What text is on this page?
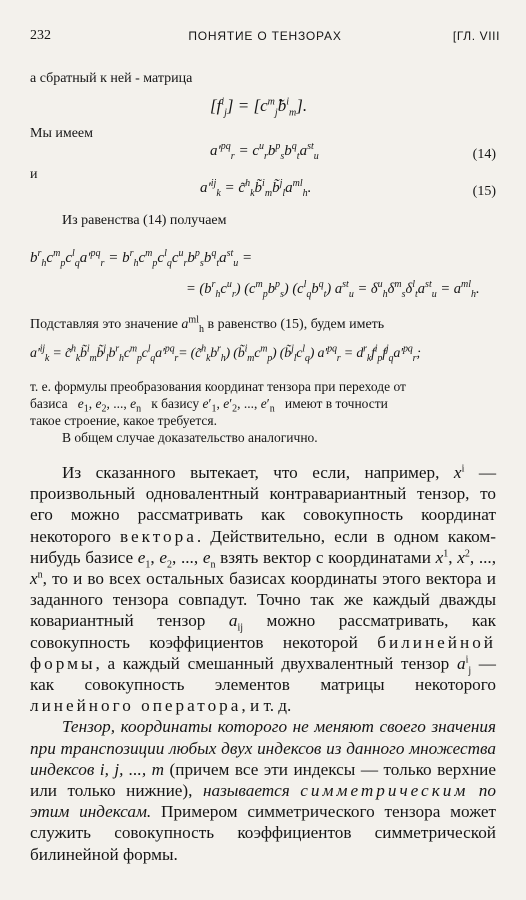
232	ПОНЯТИЕ О ТЕНЗОРАХ	[ГЛ. VIII
а сбратный к ней - матрица
$[f^i_j] = [c^m_jb^i_m]$.
Мы имеем
$a'^{pq}_r = c^u_rb^p_sb^q_ta^{st}_u$	(14)
и
$a'^{ij}_k$ = $c̃^h_kb̃^i_mb̃^j_la^{ml}_h$.	(15)
Из равенства (14) получаем
$b^r_hc^m_pc^l_qa'^{pq}_r = b^r_hc^m_pc^l_qc^u_rb^p_sb^q_ta^{st}_u$ =
= $(b^r_hc^u_r)$ $(c^m_pb^p_s)$ $(c^l_qb^q_t) a^{st}_u = \delta^u_h\delta^m_s\delta^l_ta^{st}_u = a^{ml}_h$.
Подставляя это значение $a^{ml}_h$ в равенство (15), будем иметь
$a'^{ij}_k$ = $c̃^h_kb̃^i_mb̃^j_lb^r_hc^m_pc^l_qa'^{pq}_r=$ $(c̃^h_kb^r_h)$ $(b̃^i_mc^m_p)$ $(b̃^j_lc^l_q) a'^{pq}_r = d^r_kf^i_pf^j_qa'^{pq}_r$;
т. е. формулы преобразования координат тензора при переходе от
базиса   $e_1$, $e_2$, ..., $e_n$   к базису $e'_1$, $e'_2$, ..., $e'_n$   имеют в точности
такое строение, какое требуется.
В общем случае доказательство аналогично.

Из сказанного вытекает, что если, например, $x^i$ — произвольный одновалентный контравариантный тензор, то его можно рассматривать как совокупность координат некоторого вектора. Действительно, если в одном каком-нибудь базисе $e_1$, $e_2$, ..., $e_n$ взять вектор с координатами $x^1$, $x^2$, ..., $x^n$, то и во всех остальных базисах координаты этого вектора и заданного тензора совпадут. Точно так же каждый дважды ковариантный тензор $a_{ij}$ можно рассматривать, как совокупность коэффициентов некоторой билинейной формы, а каждый смешанный двухвалентный тензор $a^i_j$ — как совокупность элементов матрицы некоторого линейного оператора, и т. д.

Тензор, координаты которого не меняют своего значения при транспозиции любых двух индексов из данного множества индексов i, j, ..., m (причем все эти индексы — только верхние или только нижние), называется симметрическим по этим индексам. Примером симметрического тензора может служить совокупность коэффициентов симметрической билинейной формы.
